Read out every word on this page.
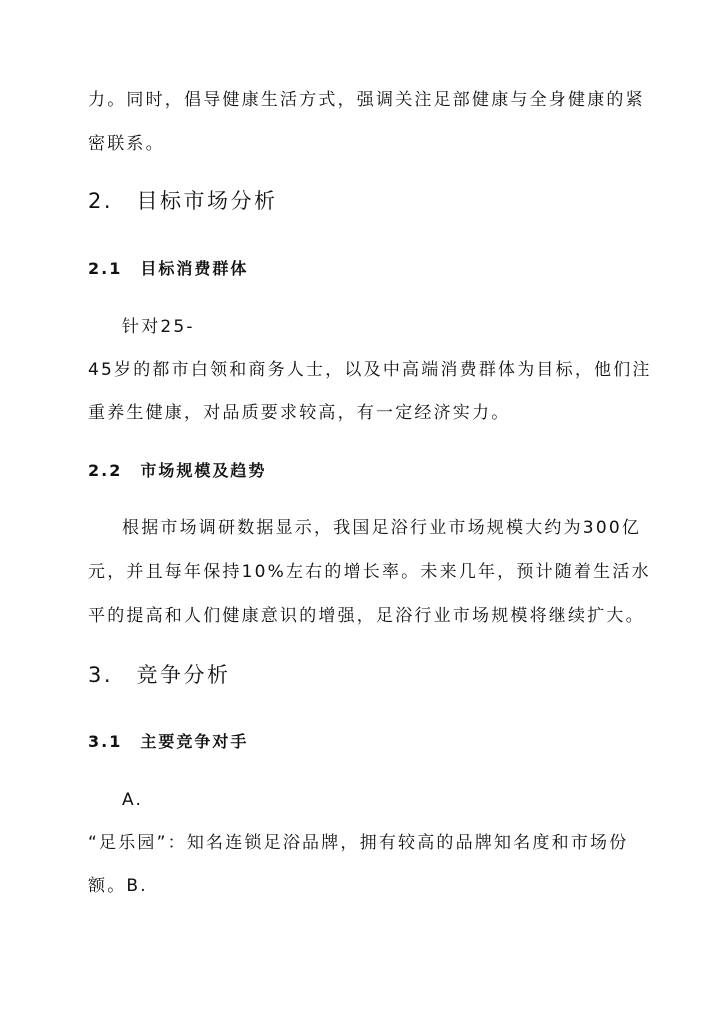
力。同时，倡导健康生活方式，强调关注足部健康与全身健康的紧
密联系。
2.　目标市场分析
2.1　目标消费群体
针对25-
45岁的都市白领和商务人士，以及中高端消费群体为目标，他们注
重养生健康，对品质要求较高，有一定经济实力。
2.2　市场规模及趋势
根据市场调研数据显示，我国足浴行业市场规模大约为300亿
元，并且每年保持10%左右的增长率。未来几年，预计随着生活水
平的提高和人们健康意识的增强，足浴行业市场规模将继续扩大。
3.　竞争分析
3.1　主要竞争对手
A.
“足乐园”：知名连锁足浴品牌，拥有较高的品牌知名度和市场份
额。B.
